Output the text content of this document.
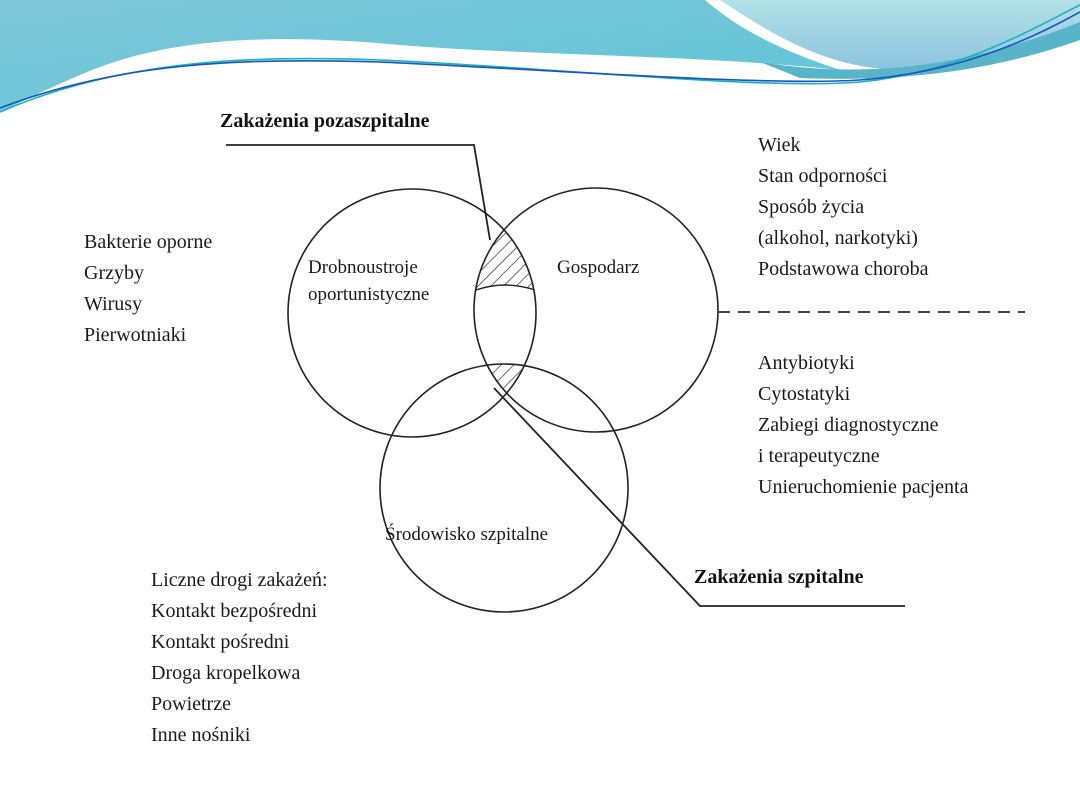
Zakażenia pozaszpitalne
Zakażenia szpitalne
Drobnoustroje
oportunistyczne
Gospodarz
Środowisko szpitalne
Bakterie oporne
Grzyby
Wirusy
Pierwotniaki
Wiek
Stan odporności
Sposób życia
(alkohol, narkotyki)
Podstawowa choroba
Antybiotyki
Cytostatyki
Zabiegi diagnostyczne
i terapeutyczne
Unieruchomienie pacjenta
Liczne drogi zakażeń:
Kontakt bezpośredni
Kontakt pośredni
Droga kropelkowa
Powietrze
Inne nośniki
